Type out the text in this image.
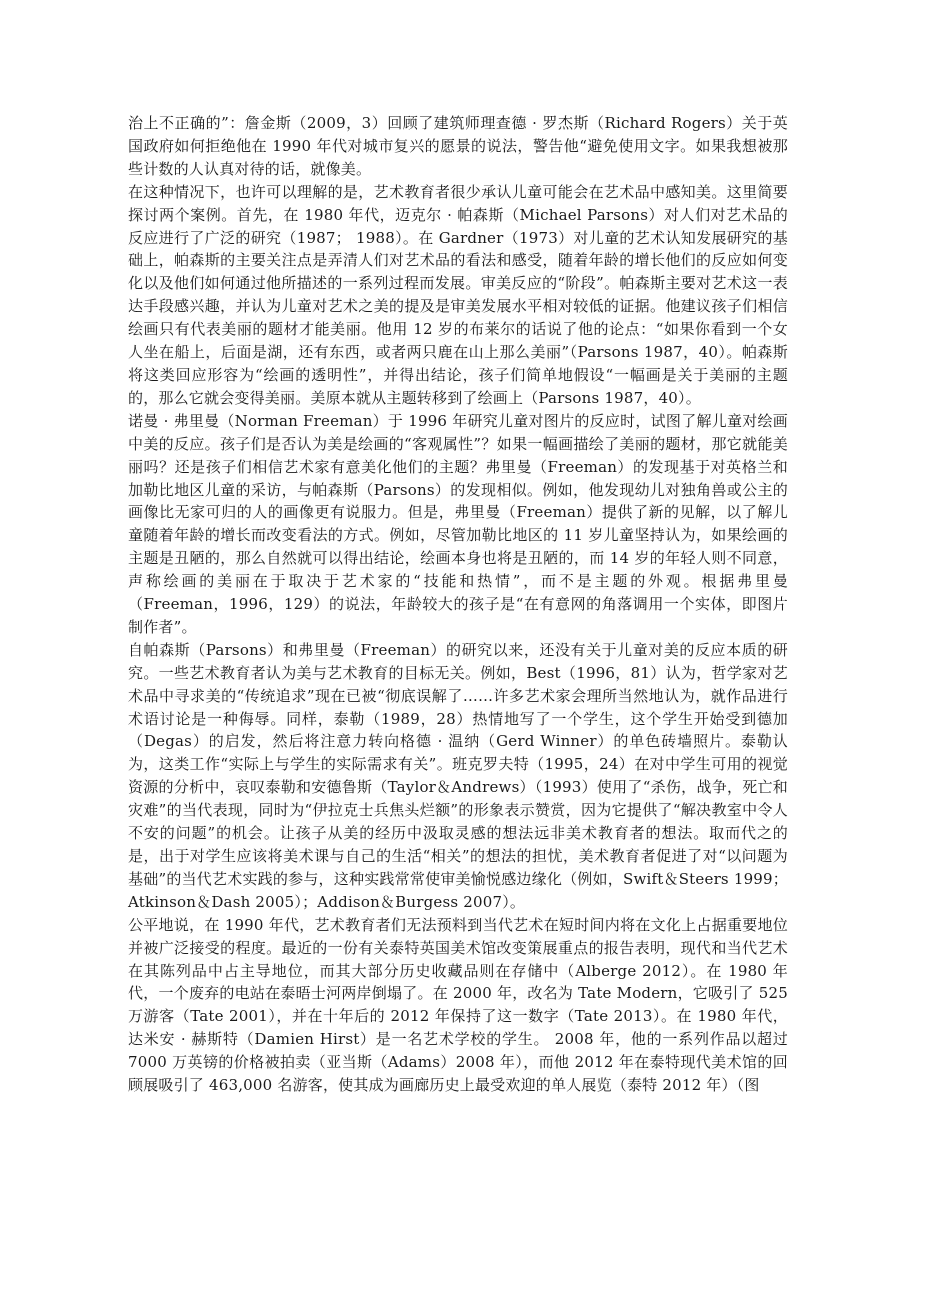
治上不正确的”：詹金斯（2009，3）回顾了建筑师理查德 · 罗杰斯（Richard Rogers）关于英国政府如何拒绝他在 1990 年代对城市复兴的愿景的说法，警告他“避免使用文字。如果我想被那些计数的人认真对待的话，就像美。

在这种情况下，也许可以理解的是，艺术教育者很少承认儿童可能会在艺术品中感知美。这里简要探讨两个案例。首先，在 1980 年代，迈克尔 · 帕森斯（Michael Parsons）对人们对艺术品的反应进行了广泛的研究（1987； 1988）。在 Gardner（1973）对儿童的艺术认知发展研究的基础上，帕森斯的主要关注点是弄清人们对艺术品的看法和感受，随着年龄的增长他们的反应如何变化以及他们如何通过他所描述的一系列过程而发展。审美反应的“阶段”。帕森斯主要对艺术这一表达手段感兴趣，并认为儿童对艺术之美的提及是审美发展水平相对较低的证据。他建议孩子们相信绘画只有代表美丽的题材才能美丽。他用 12 岁的布莱尔的话说了他的论点：“如果你看到一个女人坐在船上，后面是湖，还有东西，或者两只鹿在山上那么美丽”（Parsons 1987，40）。帕森斯将这类回应形容为“绘画的透明性”，并得出结论，孩子们简单地假设“一幅画是关于美丽的主题的，那么它就会变得美丽。美原本就从主题转移到了绘画上（Parsons 1987，40）。

诺曼 · 弗里曼（Norman Freeman）于 1996 年研究儿童对图片的反应时，试图了解儿童对绘画中美的反应。孩子们是否认为美是绘画的“客观属性”？如果一幅画描绘了美丽的题材，那它就能美丽吗？还是孩子们相信艺术家有意美化他们的主题？弗里曼（Freeman）的发现基于对英格兰和加勒比地区儿童的采访，与帕森斯（Parsons）的发现相似。例如，他发现幼儿对独角兽或公主的画像比无家可归的人的画像更有说服力。但是，弗里曼（Freeman）提供了新的见解，以了解儿童随着年龄的增长而改变看法的方式。例如，尽管加勒比地区的 11 岁儿童坚持认为，如果绘画的主题是丑陋的，那么自然就可以得出结论，绘画本身也将是丑陋的，而 14 岁的年轻人则不同意，声称绘画的美丽在于取决于艺术家的“技能和热情”，而不是主题的外观。根据弗里曼（Freeman，1996，129）的说法，年龄较大的孩子是“在有意网的角落调用一个实体，即图片制作者”。

自帕森斯（Parsons）和弗里曼（Freeman）的研究以来，还没有关于儿童对美的反应本质的研究。一些艺术教育者认为美与艺术教育的目标无关。例如，Best（1996，81）认为，哲学家对艺术品中寻求美的“传统追求”现在已被“彻底误解了……许多艺术家会理所当然地认为，就作品进行术语讨论是一种侮辱。同样，泰勒（1989，28）热情地写了一个学生，这个学生开始受到德加（Degas）的启发，然后将注意力转向格德 · 温纳（Gerd Winner）的单色砖墙照片。泰勒认为，这类工作“实际上与学生的实际需求有关”。班克罗夫特（1995，24）在对中学生可用的视觉资源的分析中，哀叹泰勒和安德鲁斯（Taylor＆Andrews）（1993）使用了“杀伤，战争，死亡和灾难”的当代表现，同时为“伊拉克士兵焦头烂额”的形象表示赞赏，因为它提供了“解决教室中令人不安的问题”的机会。让孩子从美的经历中汲取灵感的想法远非美术教育者的想法。取而代之的是，出于对学生应该将美术课与自己的生活“相关”的想法的担忧，美术教育者促进了对“以问题为基础”的当代艺术实践的参与，这种实践常常使审美愉悦感边缘化（例如，Swift＆Steers 1999； Atkinson＆Dash 2005）；Addison＆Burgess 2007）。

公平地说，在 1990 年代，艺术教育者们无法预料到当代艺术在短时间内将在文化上占据重要地位并被广泛接受的程度。最近的一份有关泰特英国美术馆改变策展重点的报告表明，现代和当代艺术在其陈列品中占主导地位，而其大部分历史收藏品则在存储中（Alberge 2012）。在 1980 年代，一个废弃的电站在泰晤士河两岸倒塌了。在 2000 年，改名为 Tate Modern，它吸引了 525 万游客（Tate 2001），并在十年后的 2012 年保持了这一数字（Tate 2013）。在 1980 年代，达米安 · 赫斯特（Damien Hirst）是一名艺术学校的学生。 2008 年，他的一系列作品以超过 7000 万英镑的价格被拍卖（亚当斯（Adams）2008 年），而他 2012 年在泰特现代美术馆的回顾展吸引了 463,000 名游客，使其成为画廊历史上最受欢迎的单人展览（泰特 2012 年）（图
